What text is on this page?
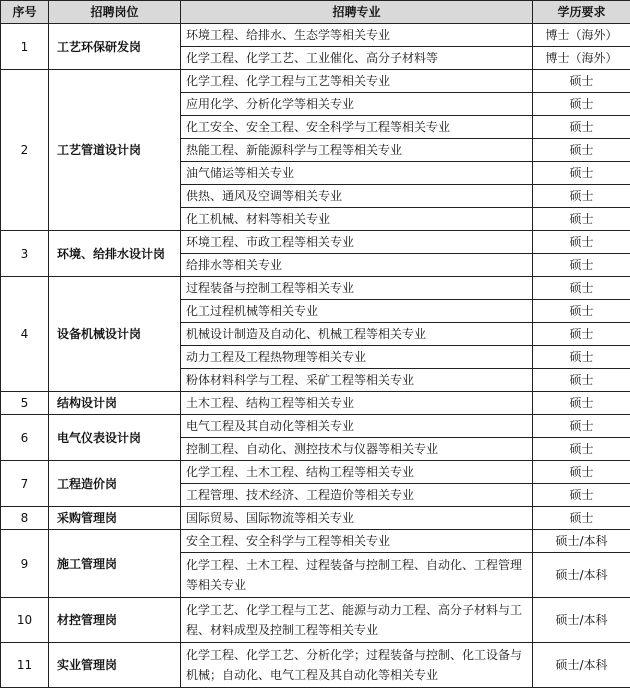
序号	招聘岗位	招聘专业	学历要求
1	工艺环保研发岗	环境工程、给排水、生态学等相关专业	博士（海外）
		化学工程、化学工艺、工业催化、高分子材料等	博士（海外）
2	工艺管道设计岗	化学工程、化学工程与工艺等相关专业	硕士
		应用化学、分析化学等相关专业	硕士
		化工安全、安全工程、安全科学与工程等相关专业	硕士
		热能工程、新能源科学与工程等相关专业	硕士
		油气储运等相关专业	硕士
		供热、通风及空调等相关专业	硕士
		化工机械、材料等相关专业	硕士
3	环境、给排水设计岗	环境工程、市政工程等相关专业	硕士
		给排水等相关专业	硕士
4	设备机械设计岗	过程装备与控制工程等相关专业	硕士
		化工过程机械等相关专业	硕士
		机械设计制造及自动化、机械工程等相关专业	硕士
		动力工程及工程热物理等相关专业	硕士
		粉体材料科学与工程、采矿工程等相关专业	硕士
5	结构设计岗	土木工程、结构工程等相关专业	硕士
6	电气仪表设计岗	电气工程及其自动化等相关专业	硕士
		控制工程、自动化、测控技术与仪器等相关专业	硕士
7	工程造价岗	化学工程、土木工程、结构工程等相关专业	硕士
		工程管理、技术经济、工程造价等相关专业	硕士
8	采购管理岗	国际贸易、国际物流等相关专业	硕士
9	施工管理岗	安全工程、安全科学与工程等相关专业	硕士/本科
		化学工程、土木工程、过程装备与控制工程、自动化、工程管理等相关专业	硕士/本科
10	材控管理岗	化学工艺、化学工程与工艺、能源与动力工程、高分子材料与工程、材料成型及控制工程等相关专业	硕士/本科
11	实业管理岗	化学工程、化学工艺、分析化学；过程装备与控制、化工设备与机械；自动化、电气工程及其自动化等相关专业	硕士/本科
